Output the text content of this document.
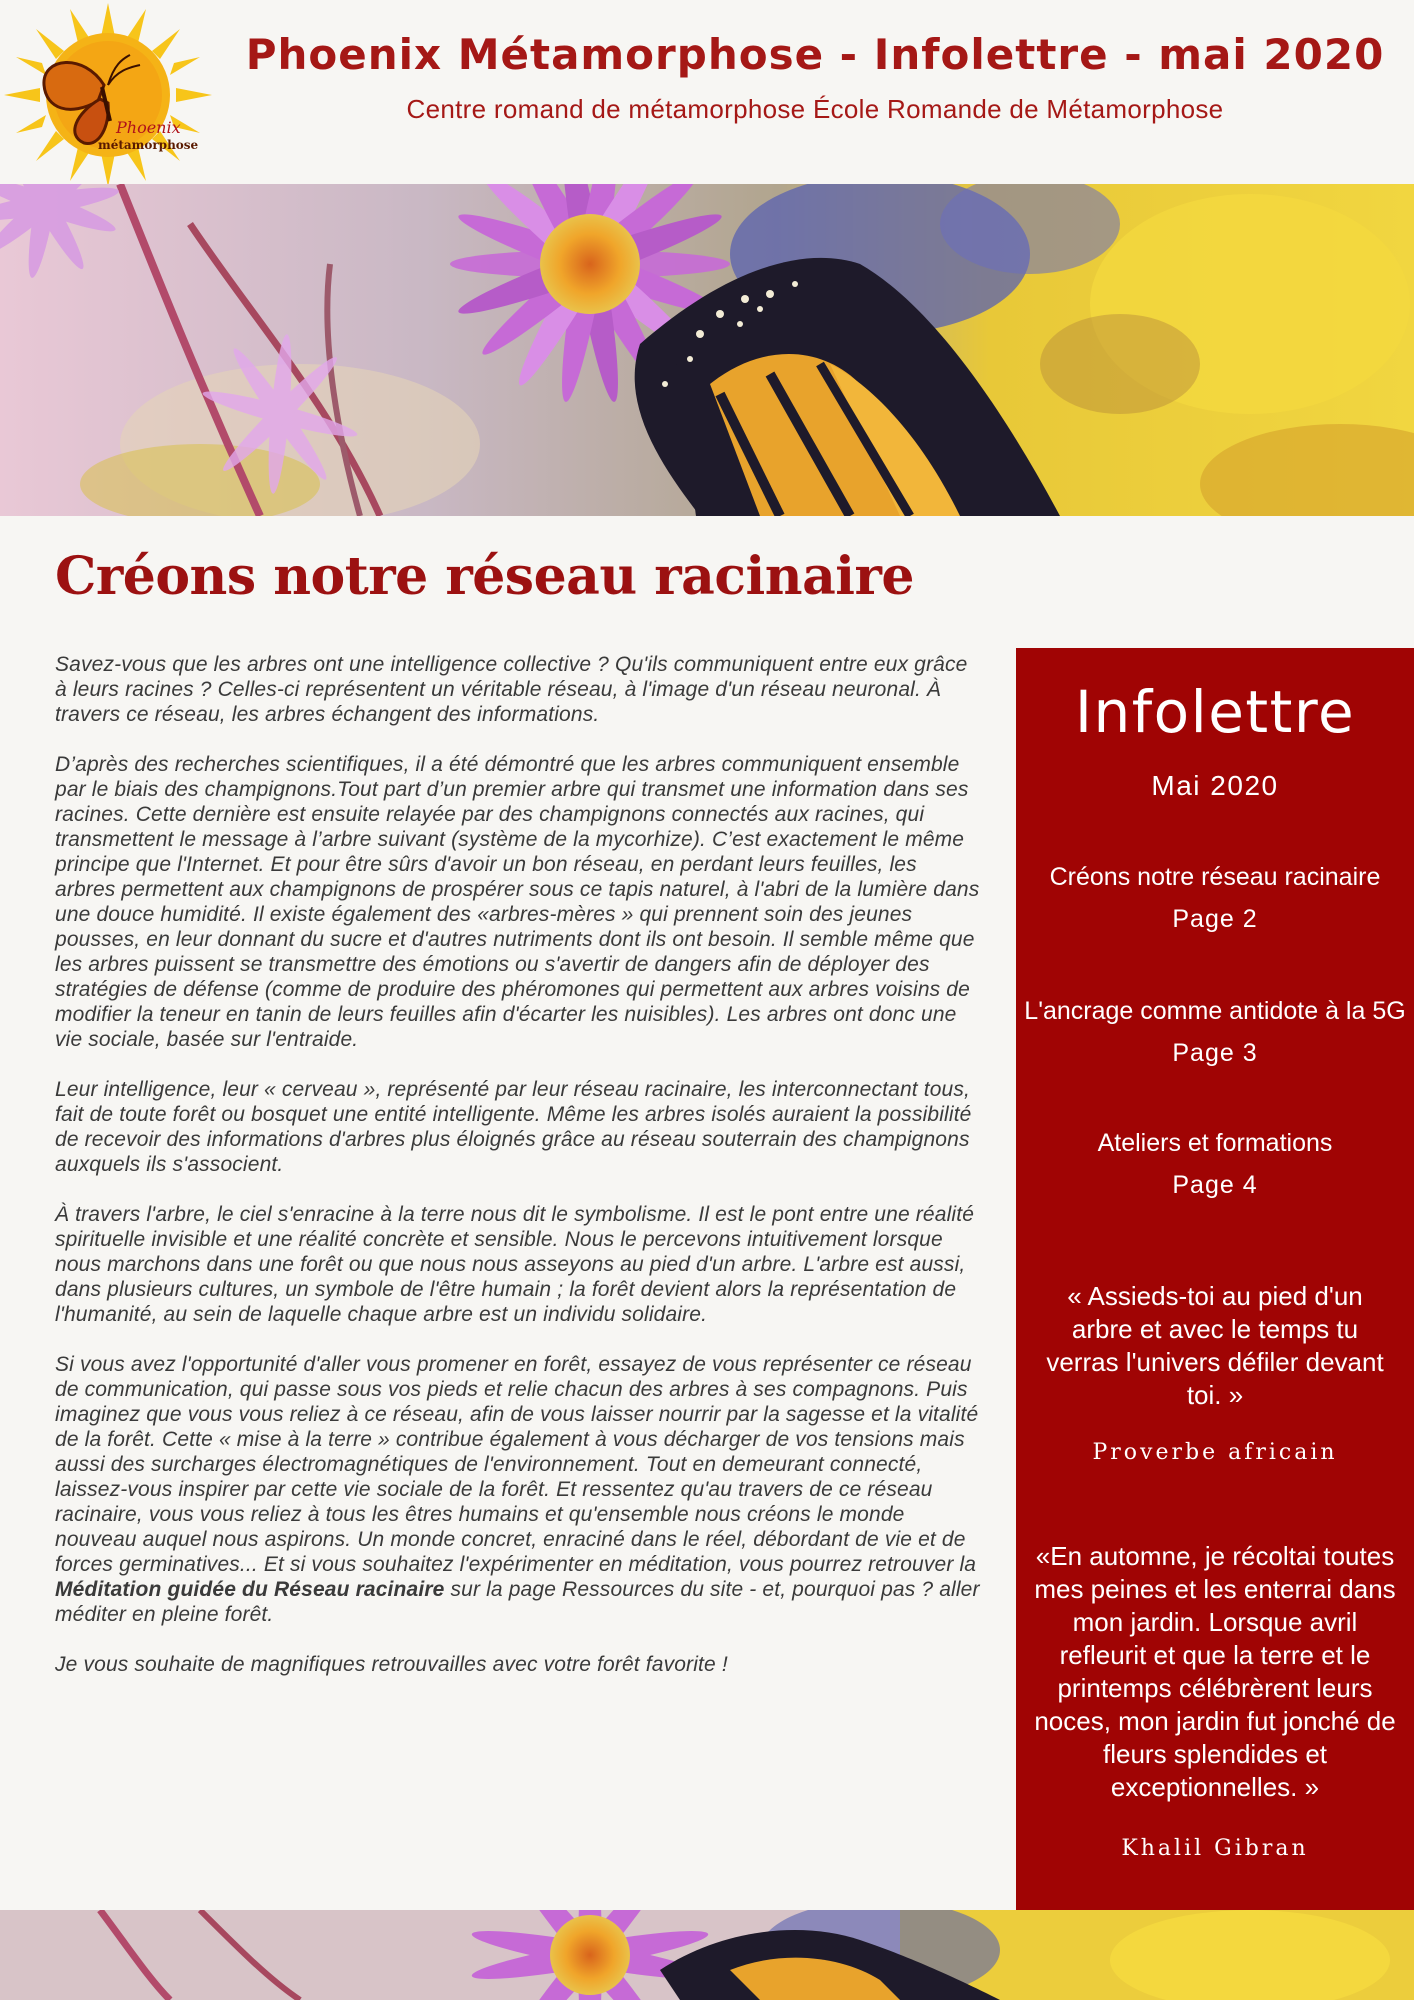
Phoenix
métamorphose
Phoenix Métamorphose - Infolettre - mai 2020

Centre romand de métamorphose École Romande de Métamorphose

Créons notre réseau racinaire

Savez-vous que les arbres ont une intelligence collective ? Qu'ils communiquent entre eux grâce à leurs racines ? Celles-ci représentent un véritable réseau, à l'image d'un réseau neuronal. À travers ce réseau, les arbres échangent des informations.

D’après des recherches scientifiques, il a été démontré que les arbres communiquent ensemble par le biais des champignons.Tout part d’un premier arbre qui transmet une information dans ses racines. Cette dernière est ensuite relayée par des champignons connectés aux racines, qui transmettent le message à l’arbre suivant (système de la mycorhize). C’est exactement le même principe que l'Internet. Et pour être sûrs d'avoir un bon réseau, en perdant leurs feuilles, les arbres permettent aux champignons de prospérer sous ce tapis naturel, à l'abri de la lumière dans une douce humidité. Il existe également des «arbres-mères » qui prennent soin des jeunes pousses, en leur donnant du sucre et d'autres nutriments dont ils ont besoin. Il semble même que les arbres puissent se transmettre des émotions ou s'avertir de dangers afin de déployer des stratégies de défense (comme de produire des phéromones qui permettent aux arbres voisins de modifier la teneur en tanin de leurs feuilles afin d'écarter les nuisibles). Les arbres ont donc une vie sociale, basée sur l'entraide.

Leur intelligence, leur « cerveau », représenté par leur réseau racinaire, les interconnectant tous, fait de toute forêt ou bosquet une entité intelligente. Même les arbres isolés auraient la possibilité de recevoir des informations d'arbres plus éloignés grâce au réseau souterrain des champignons auxquels ils s'associent.

À travers l'arbre, le ciel s'enracine à la terre nous dit le symbolisme. Il est le pont entre une réalité spirituelle invisible et une réalité concrète et sensible. Nous le percevons intuitivement lorsque nous marchons dans une forêt ou que nous nous asseyons au pied d'un arbre. L'arbre est aussi, dans plusieurs cultures, un symbole de l'être humain ; la forêt devient alors la représentation de l'humanité, au sein de laquelle chaque arbre est un individu solidaire.

Si vous avez l'opportunité d'aller vous promener en forêt, essayez de vous représenter ce réseau de communication, qui passe sous vos pieds et relie chacun des arbres à ses compagnons. Puis imaginez que vous vous reliez à ce réseau, afin de vous laisser nourrir par la sagesse et la vitalité de la forêt. Cette « mise à la terre » contribue également à vous décharger de vos tensions mais aussi des surcharges électromagnétiques de l'environnement. Tout en demeurant connecté, laissez-vous inspirer par cette vie sociale de la forêt. Et ressentez qu'au travers de ce réseau racinaire, vous vous reliez à tous les êtres humains et qu'ensemble nous créons le monde nouveau auquel nous aspirons. Un monde concret, enraciné dans le réel, débordant de vie et de forces germinatives... Et si vous souhaitez l'expérimenter en méditation, vous pourrez retrouver la Méditation guidée du Réseau racinaire sur la page Ressources du site - et, pourquoi pas ? aller méditer en pleine forêt.

Je vous souhaite de magnifiques retrouvailles avec votre forêt favorite !

Infolettre
Mai 2020
Créons notre réseau racinaire
Page 2
L'ancrage comme antidote à la 5G
Page 3
Ateliers et formations
Page 4
« Assieds-toi au pied d'un arbre et avec le temps tu verras l'univers défiler devant toi. »
Proverbe africain
«En automne, je récoltai toutes mes peines et les enterrai dans mon jardin. Lorsque avril refleurit et que la terre et le printemps célébrèrent leurs noces, mon jardin fut jonché de fleurs splendides et exceptionnelles. »
Khalil Gibran
